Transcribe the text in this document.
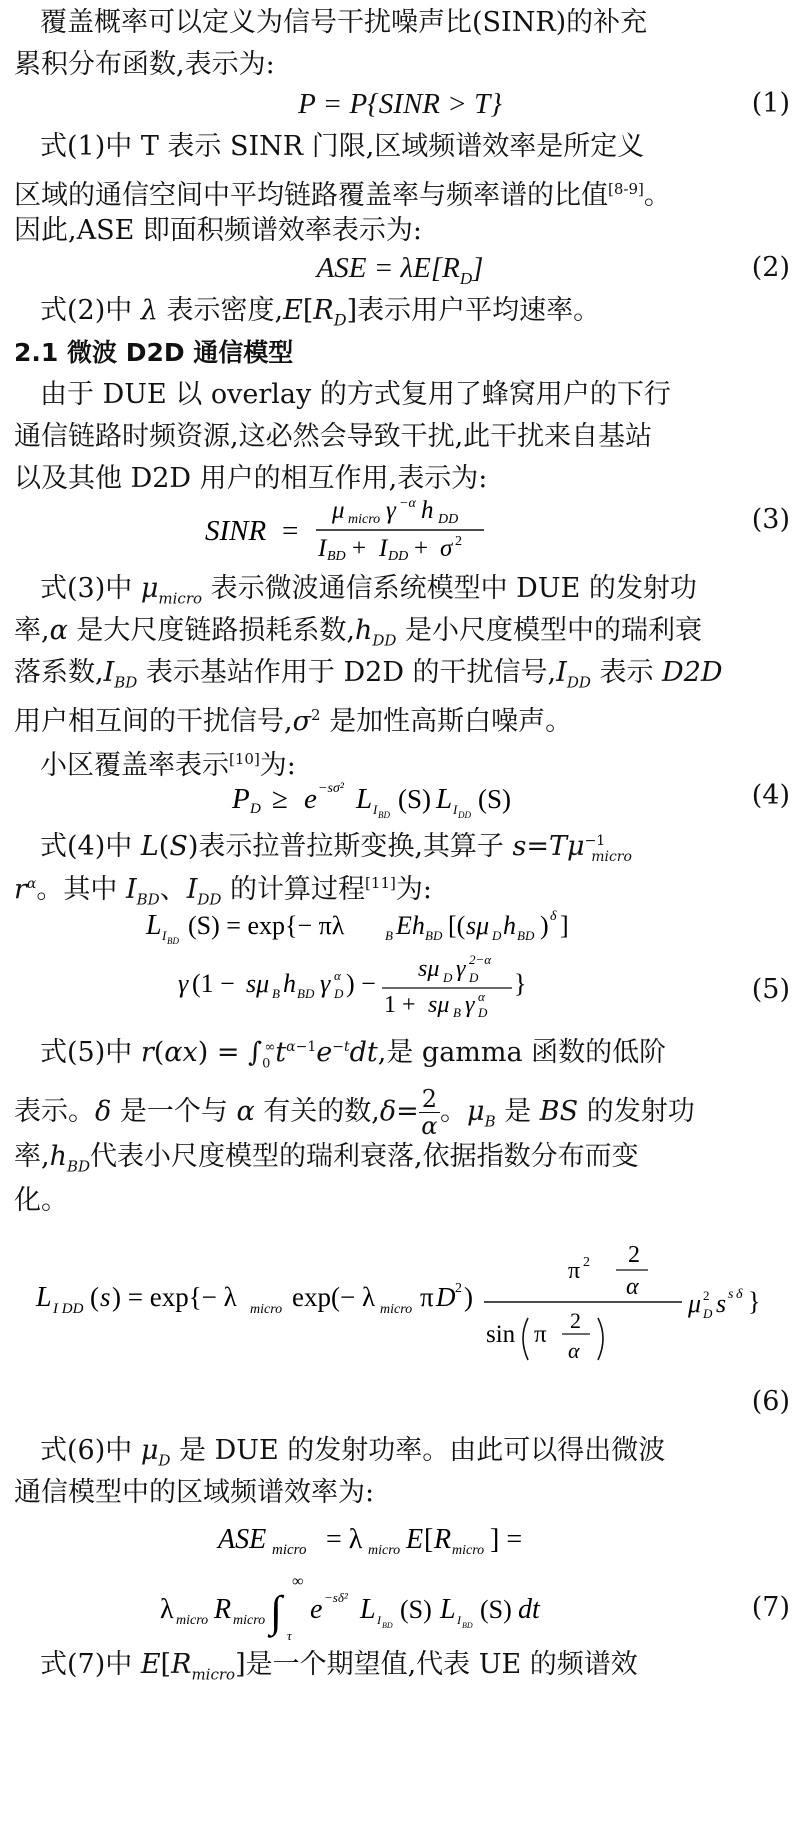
覆盖概率可以定义为信号干扰噪声比(SINR)的补充
累积分布函数,表示为:
P = P{SINR > T}	(1)
式(1)中 T 表示 SINR 门限,区域频谱效率是所定义
区域的通信空间中平均链路覆盖率与频率谱的比值[8-9]。
因此,ASE 即面积频谱效率表示为:
ASE = $\lambda E[R_D]$	(2)
式(2)中 λ 表示密度$,E[R_D]$表示用户平均速率。
2.1 微波 D2D 通信模型
由于 DUE 以 overlay 的方式复用了蜂窝用户的下行
通信链路时频资源,这必然会导致干扰,此干扰来自基站
以及其他 D2D 用户的相互作用,表示为:
SINR =
μ micro γ −α h DD
I BD + I DD + σ 2
(3)
式(3)中 $\mu_{micro}$ 表示微波通信系统模型中 DUE 的发射功
率,α 是大尺度链路损耗系数$,h_{DD}$ 是小尺度模型中的瑞利衰
落系数$,I_{BD}$ 表示基站作用于 D2D 的干扰信号$,I_{DD}$ 表示 D2D
用户相互间的干扰信号$,\sigma^2$ 是加性高斯白噪声。
小区覆盖率表示[10]为:
P D ≥ e −sσ² L I BD
(S) L I DD
(S)	(4)
式(4)中 L(S)表示拉普拉斯变换,其算子 $s=T\mu^{-1}_{micro}$
$r^\alpha$。其中 $I_{BD}$、$I_{DD}$ 的计算过程[11]为:
L I BD
(S) = exp{− πλ	B Eh BD [( sμ D h BD ) δ ]
γ (1 − sμ B h BD γ α
D ) − sμ D γ 2−α
D
1 + sμ B γ α
D
}	(5)
式(5)中 $r(\alpha x) = \int_0^\infty t^{\alpha-1}e^{-t}dt$,是 gamma 函数的低阶
表示。δ 是一个与 α 有关的数$,\delta= \frac{2}{\alpha}$ 。$\mu_B$ 是 BS 的发射功
率$,h_{BD}$代表小尺度模型的瑞利衰落,依据指数分布而变
化。
L I DD ( s ) = exp{− λ micro exp(− λ micro π D 2 )
π 2 2
α
sin π
2
α
μ 2
D s s δ }
(6)
式(6)中 $\mu_D$ 是 DUE 的发射功率。由此可以得出微波
通信模型中的区域频谱效率为:
ASE micro = λ micro E [ R micro ] =
λ micro R micro ∫
∞
τ
e −sδ² L I BD
(S) L I BD
(S) dt	(7)
式(7)中 $E[R_{micro}]$是一个期望值,代表 UE 的频谱效
